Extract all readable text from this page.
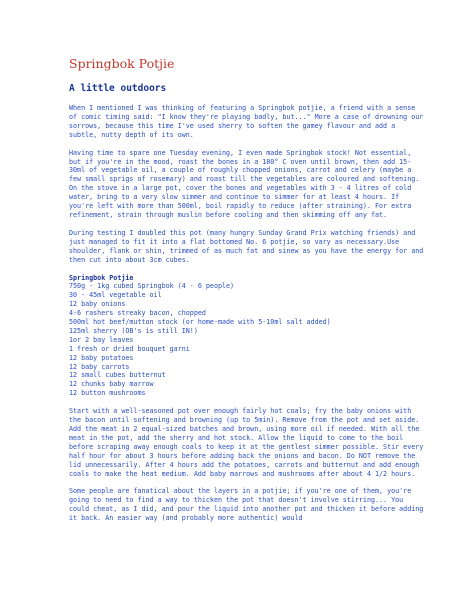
Springbok Potjie
A little outdoors

When I mentioned I was thinking of featuring a Springbok potjie, a friend with a sense of comic timing said: "I know they're playing badly, but..." More a case of drowning our sorrows, because this time I've used sherry to soften the gamey flavour and add a subtle, nutty depth of its own.

Having time to spare one Tuesday evening, I even made Springbok stock! Not essential, but if you're in the mood, roast the bones in a 180° C oven until brown, then add 15-30ml of vegetable oil, a couple of roughly chopped onions, carrot and celery (maybe a few small sprigs of rosemary) and roast till the vegetables are coloured and softening. On the stove in a large pot, cover the bones and vegetables with 3 - 4 litres of cold water, bring to a very slow simmer and continue to simmer for at least 4 hours. If you're left with more than 500ml, boil rapidly to reduce (after straining). For extra refinement, strain through muslin before cooling and then skimming off any fat.

During testing I doubled this pot (many hungry Sunday Grand Prix watching friends) and just managed to fit it into a flat bottomed No. 6 potjie, so vary as necessary.Use shoulder, flank or shin, trimmed of as much fat and sinew as you have the energy for and then cut into about 3cm cubes.

Springbok Potjie
750g - 1kg cubed Springbok (4 - 6 people)
30 - 45ml vegetable oil
12 baby onions
4-6 rashers streaky bacon, chopped
500ml hot beef/mutton stock (or home-made with 5-10ml salt added)
125ml sherry (OB's is still IN!)
1or 2 bay leaves
1 fresh or dried bouquet garni
12 baby potatoes
12 baby carrots
12 small cubes butternut
12 chunks baby marrow
12 button mushrooms

Start with a well-seasoned pot over enough fairly hot coals; fry the baby onions with the bacon until softening and browning (up to 5min). Remove from the pot and set aside. Add the meat in 2 equal-sized batches and brown, using more oil if needed. With all the meat in the pot, add the sherry and hot stock. Allow the liquid to come to the boil before scraping away enough coals to keep it at the gentlest simmer possible. Stir every half hour for about 3 hours before adding back the onions and bacon. Do NOT remove the lid unnecessarily. After 4 hours add the potatoes, carrots and butternut and add enough coals to make the heat medium. Add baby marrows and mushrooms after about 4 1/2 hours.

Some people are fanatical about the layers in a potjie; if you're one of them, you're going to need to find a way to thicken the pot that doesn't involve stirring... You could cheat, as I did, and pour the liquid into another pot and thicken it before adding it back. An easier way (and probably more authentic) would
